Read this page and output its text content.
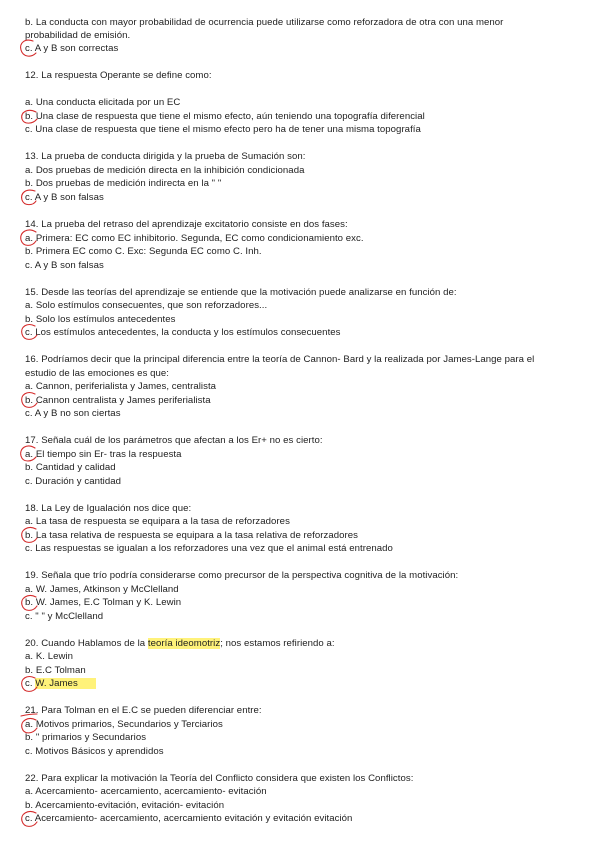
b. La conducta con mayor probabilidad de ocurrencia puede utilizarse como reforzadora de otra con una menor

probabilidad de emisión.

c. A y B son correctas

12. La respuesta Operante se define como:

a. Una conducta elicitada por un EC

b. Una clase de respuesta que tiene el mismo efecto, aún teniendo una topografía diferencial

c. Una clase de respuesta que tiene el mismo efecto pero ha de tener una misma topografía

13. La prueba de conducta dirigida y la prueba de Sumación son:

a. Dos pruebas de medición directa en la inhibición condicionada

b. Dos pruebas de medición indirecta en la " "

c. A y B son falsas

14. La prueba del retraso del aprendizaje excitatorio consiste en dos fases:

a. Primera: EC como EC inhibitorio. Segunda, EC como condicionamiento exc.

b. Primera EC como C. Exc: Segunda EC como C. Inh.

c. A y B son falsas

15. Desde las teorías del aprendizaje se entiende que la motivación puede analizarse en función de:

a. Solo estímulos consecuentes, que son reforzadores...

b. Solo los estímulos antecedentes

c. Los estímulos antecedentes, la conducta y los estímulos consecuentes

16. Podríamos decir que la principal diferencia entre la teoría de Cannon- Bard y la realizada por James-Lange para el

estudio de las emociones es que:

a. Cannon, periferialista y James, centralista

b. Cannon centralista y James periferialista

c. A y B no son ciertas

17. Señala cuál de los parámetros que afectan a los Er+ no es cierto:

a. El tiempo sin Er- tras la respuesta

b. Cantidad y calidad

c. Duración y cantidad

18. La Ley de Igualación nos dice que:

a. La tasa de respuesta se equipara a la tasa de reforzadores

b. La tasa relativa de respuesta se equipara a la tasa relativa de reforzadores

c. Las respuestas se igualan a los reforzadores una vez que el animal está entrenado

19. Señala que trío podría considerarse como precursor de la perspectiva cognitiva de la motivación:

a. W. James, Atkinson y McClelland

b. W. James, E.C Tolman y K. Lewin

c. " " y McClelland

20. Cuando Hablamos de la teoría ideomotriz; nos estamos refiriendo a:

a. K. Lewin

b. E.C Tolman

c. W. James

21. Para Tolman en el E.C se pueden diferenciar entre:

a. Motivos primarios, Secundarios y Terciarios

b. " primarios y Secundarios

c. Motivos Básicos y aprendidos

22. Para explicar la motivación la Teoría del Conflicto considera que existen los Conflictos:

a. Acercamiento- acercamiento, acercamiento- evitación

b. Acercamiento-evitación, evitación- evitación

c. Acercamiento- acercamiento, acercamiento evitación y evitación evitación
